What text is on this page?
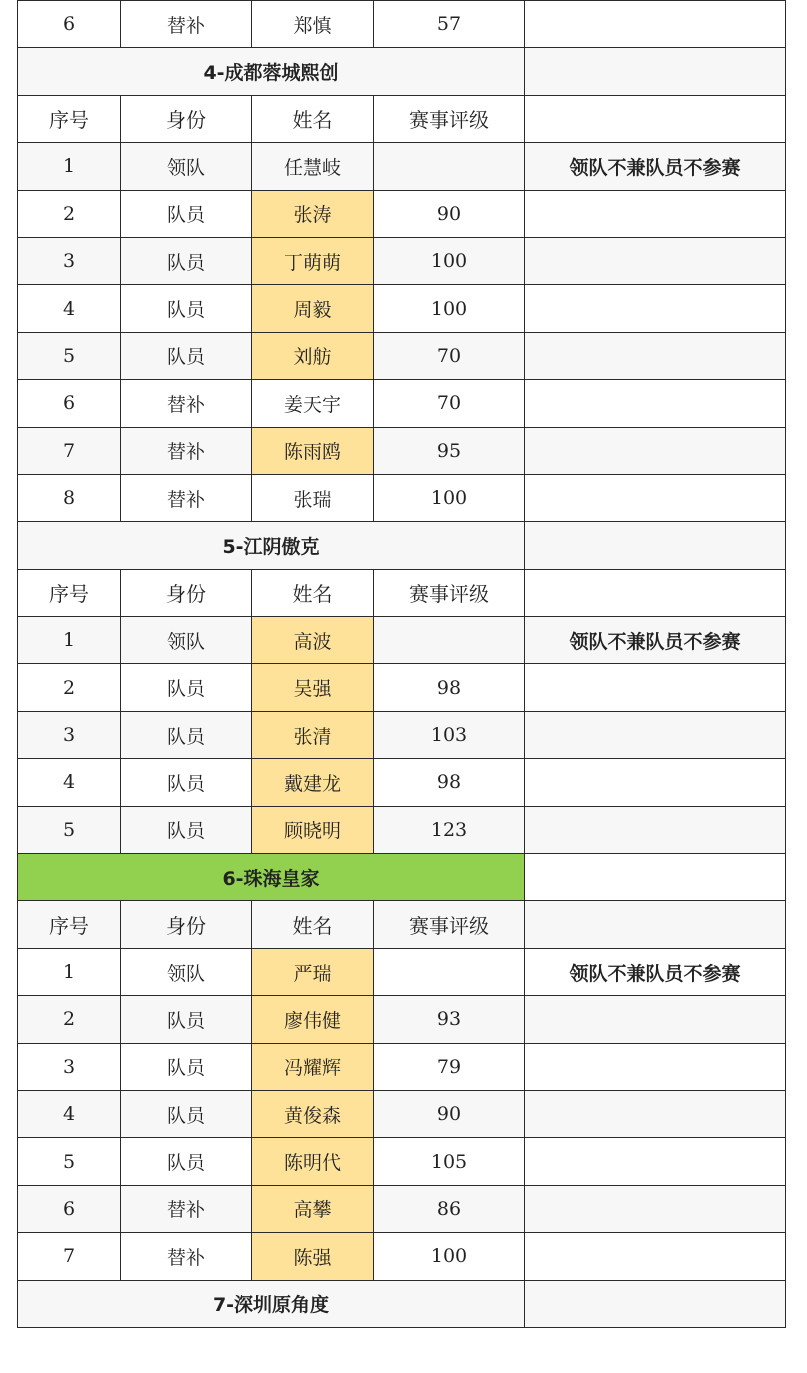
6	替补	郑慎	57	
4-成都蓉城熙创				
序号	身份	姓名	赛事评级	
1	领队	任慧岐		领队不兼队员不参赛
2	队员	张涛	90	
3	队员	丁萌萌	100	
4	队员	周毅	100	
5	队员	刘舫	70	
6	替补	姜天宇	70	
7	替补	陈雨鸥	95	
8	替补	张瑞	100	
5-江阴傲克				
序号	身份	姓名	赛事评级	
1	领队	高波		领队不兼队员不参赛
2	队员	吴强	98	
3	队员	张清	103	
4	队员	戴建龙	98	
5	队员	顾晓明	123	
6-珠海皇家				
序号	身份	姓名	赛事评级	
1	领队	严瑞		领队不兼队员不参赛
2	队员	廖伟健	93	
3	队员	冯耀辉	79	
4	队员	黄俊森	90	
5	队员	陈明代	105	
6	替补	高攀	86	
7	替补	陈强	100	
7-深圳原角度				
